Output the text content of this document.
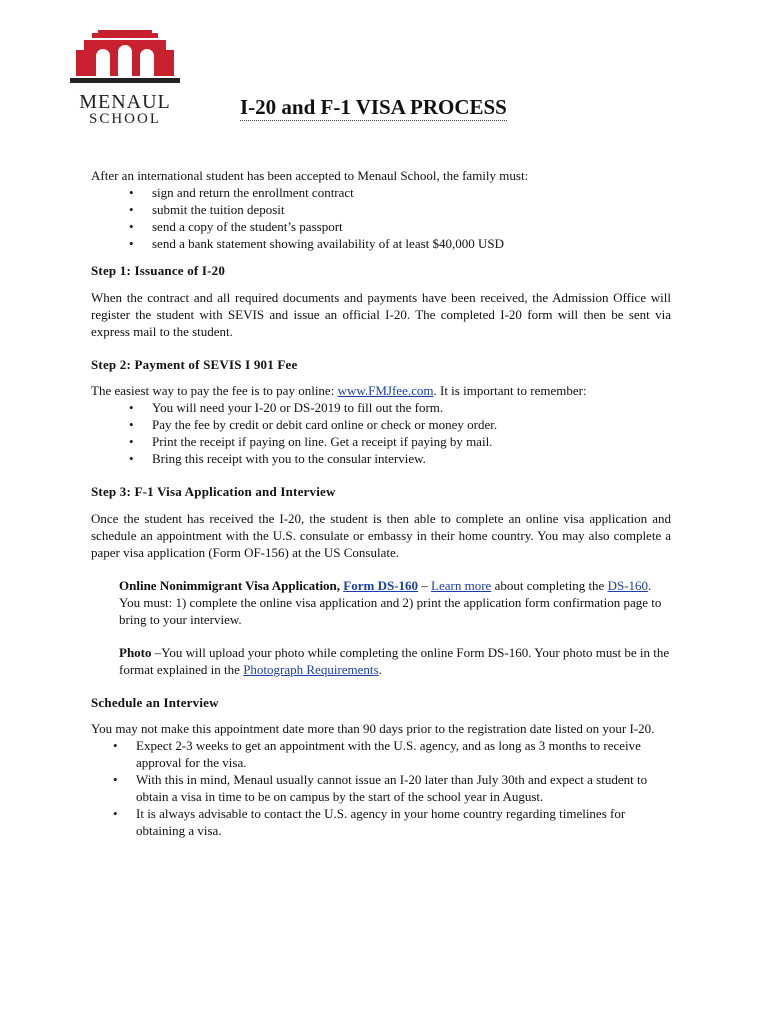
MENAUL
SCHOOL	I-20 and F-1 VISA PROCESS

After an international student has been accepted to Menaul School, the family must:

• sign and return the enrollment contract
• submit the tuition deposit
• send a copy of the student’s passport
• send a bank statement showing availability of at least $40,000 USD
Step 1: Issuance of I-20

When the contract and all required documents and payments have been received, the Admission Office will register the student with SEVIS and issue an official I-20. The completed I-20 form will then be sent via express mail to the student.

Step 2: Payment of SEVIS I 901 Fee

The easiest way to pay the fee is to pay online: www.FMJfee.com. It is important to remember:

• You will need your I-20 or DS-2019 to fill out the form.
• Pay the fee by credit or debit card online or check or money order.
• Print the receipt if paying on line. Get a receipt if paying by mail.
• Bring this receipt with you to the consular interview.
Step 3: F-1 Visa Application and Interview

Once the student has received the I-20, the student is then able to complete an online visa application and schedule an appointment with the U.S. consulate or embassy in their home country. You may also complete a paper visa application (Form OF-156) at the US Consulate.

Online Nonimmigrant Visa Application, Form DS-160 – Learn more about completing the DS-160. You must: 1) complete the online visa application and 2) print the application form confirmation page to bring to your interview.

Photo –You will upload your photo while completing the online Form DS-160. Your photo must be in the format explained in the Photograph Requirements.

Schedule an Interview

You may not make this appointment date more than 90 days prior to the registration date listed on your I-20.

• Expect 2-3 weeks to get an appointment with the U.S. agency, and as long as 3 months to receive approval for the visa.
• With this in mind, Menaul usually cannot issue an I-20 later than July 30th and expect a student to obtain a visa in time to be on campus by the start of the school year in August.
• It is always advisable to contact the U.S. agency in your home country regarding timelines for obtaining a visa.
